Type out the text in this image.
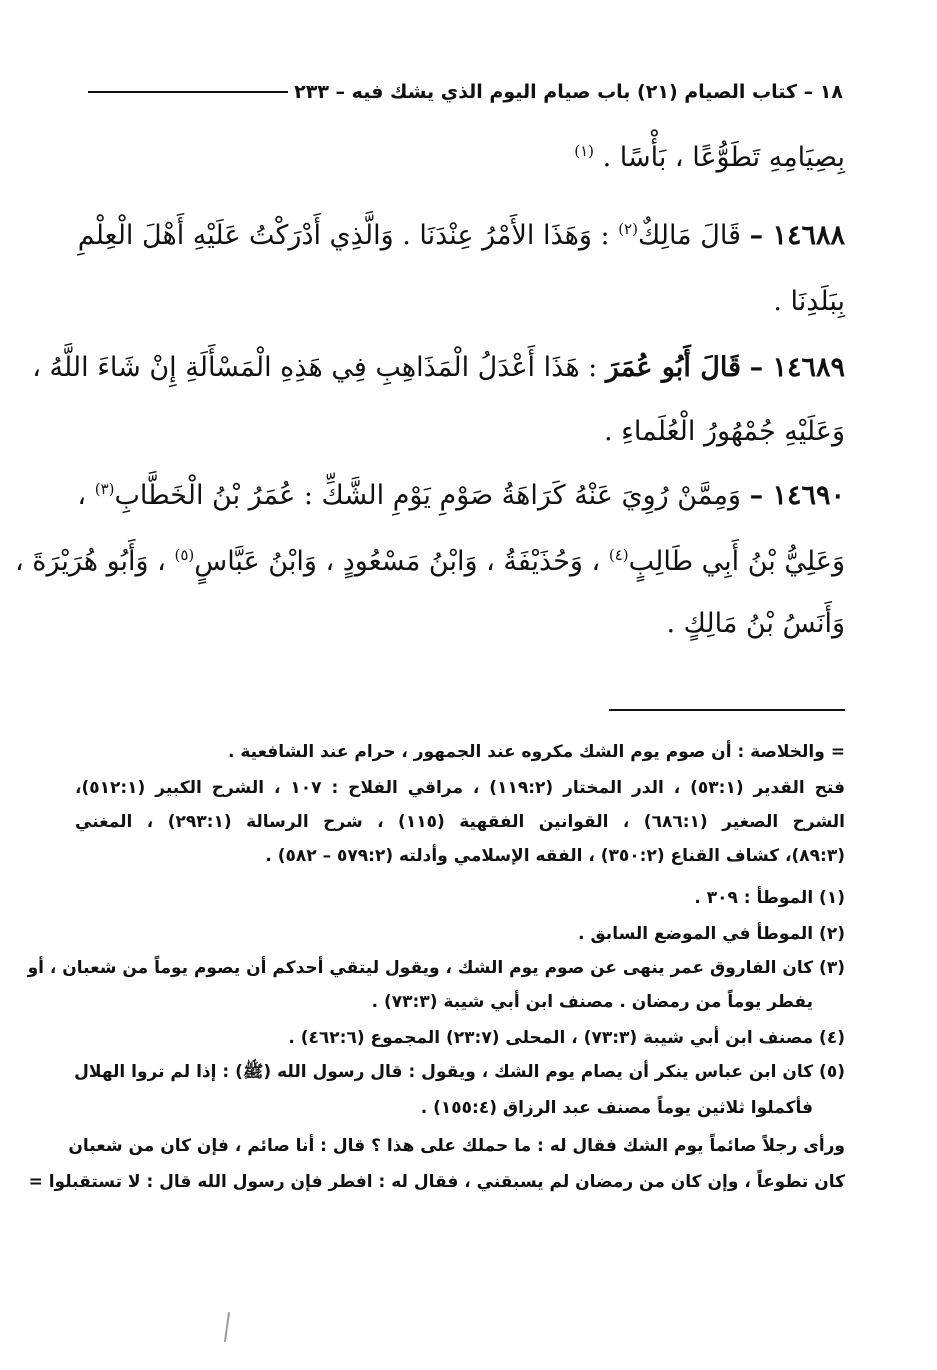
١٨ – كتاب الصيام (٢١) باب صيام اليوم الذي يشك فيه – ٢٣٣
بِصِيَامِهِ تَطَوُّعًا ، بَأْسًا . $^{(١)}$
١٤٦٨٨ – قَالَ مَالِكٌ$^{(٢)}$ : وَهَذَا الأَمْرُ عِنْدَنَا . وَالَّذِي أَدْرَكْتُ عَلَيْهِ أَهْلَ الْعِلْمِ
بِبَلَدِنَا .
١٤٦٨٩ – قَالَ أَبُو عُمَرَ : هَذَا أَعْدَلُ الْمَذَاهِبِ فِي هَذِهِ الْمَسْأَلَةِ إِنْ شَاءَ اللَّهُ ،
وَعَلَيْهِ جُمْهُورُ الْعُلَماءِ .
١٤٦٩٠ – وَمِمَّنْ رُوِيَ عَنْهُ كَرَاهَةُ صَوْمِ يَوْمِ الشَّكِّ : عُمَرُ بْنُ الْخَطَّابِ$^{(٣)}$ ،
وَعَلِيُّ بْنُ أَبِي طَالِبٍ$^{(٤)}$ ، وَحُذَيْفَةُ ، وَابْنُ مَسْعُودٍ ، وَابْنُ عَبَّاسٍ$^{(٥)}$ ، وَأَبُو هُرَيْرَةَ ،
وَأَنَسُ بْنُ مَالِكٍ .
= والخلاصة : أن صوم يوم الشك مكروه عند الجمهور ، حرام عند الشافعية .
فتح القدير (٥٣:١) ، الدر المختار (١١٩:٢) ، مراقي الفلاح : ١٠٧ ، الشرح الكبير (٥١٢:١)،
الشرح الصغير (٦٨٦:١) ، القوانين الفقهية (١١٥) ، شرح الرسالة (٢٩٣:١) ، المغني
(٨٩:٣)، كشاف القناع (٣٥٠:٢) ، الفقه الإسلامي وأدلته (٥٧٩:٢ – ٥٨٢) .
(١) الموطأ : ٣٠٩ .
(٢) الموطأ في الموضع السابق .
(٣) كان الفاروق عمر ينهى عن صوم يوم الشك ، ويقول ليتقي أحدكم أن يصوم يوماً من شعبان ، أو
يفطر يوماً من رمضان . مصنف ابن أبي شيبة (٧٣:٣) .
(٤) مصنف ابن أبي شيبة (٧٣:٣) ، المحلى (٢٣:٧) المجموع (٤٦٢:٦) .
(٥) كان ابن عباس ينكر أن يصام يوم الشك ، ويقول : قال رسول الله (ﷺ) : إذا لم تروا الهلال
فأكملوا ثلاثين يوماً مصنف عبد الرزاق (١٥٥:٤) .
ورأى رجلاً صائماً يوم الشك فقال له : ما حملك على هذا ؟ قال : أنا صائم ، فإن كان من شعبان
كان تطوعاً ، وإن كان من رمضان لم يسبقني ، فقال له : افطر فإن رسول الله قال : لا تستقبلوا =
